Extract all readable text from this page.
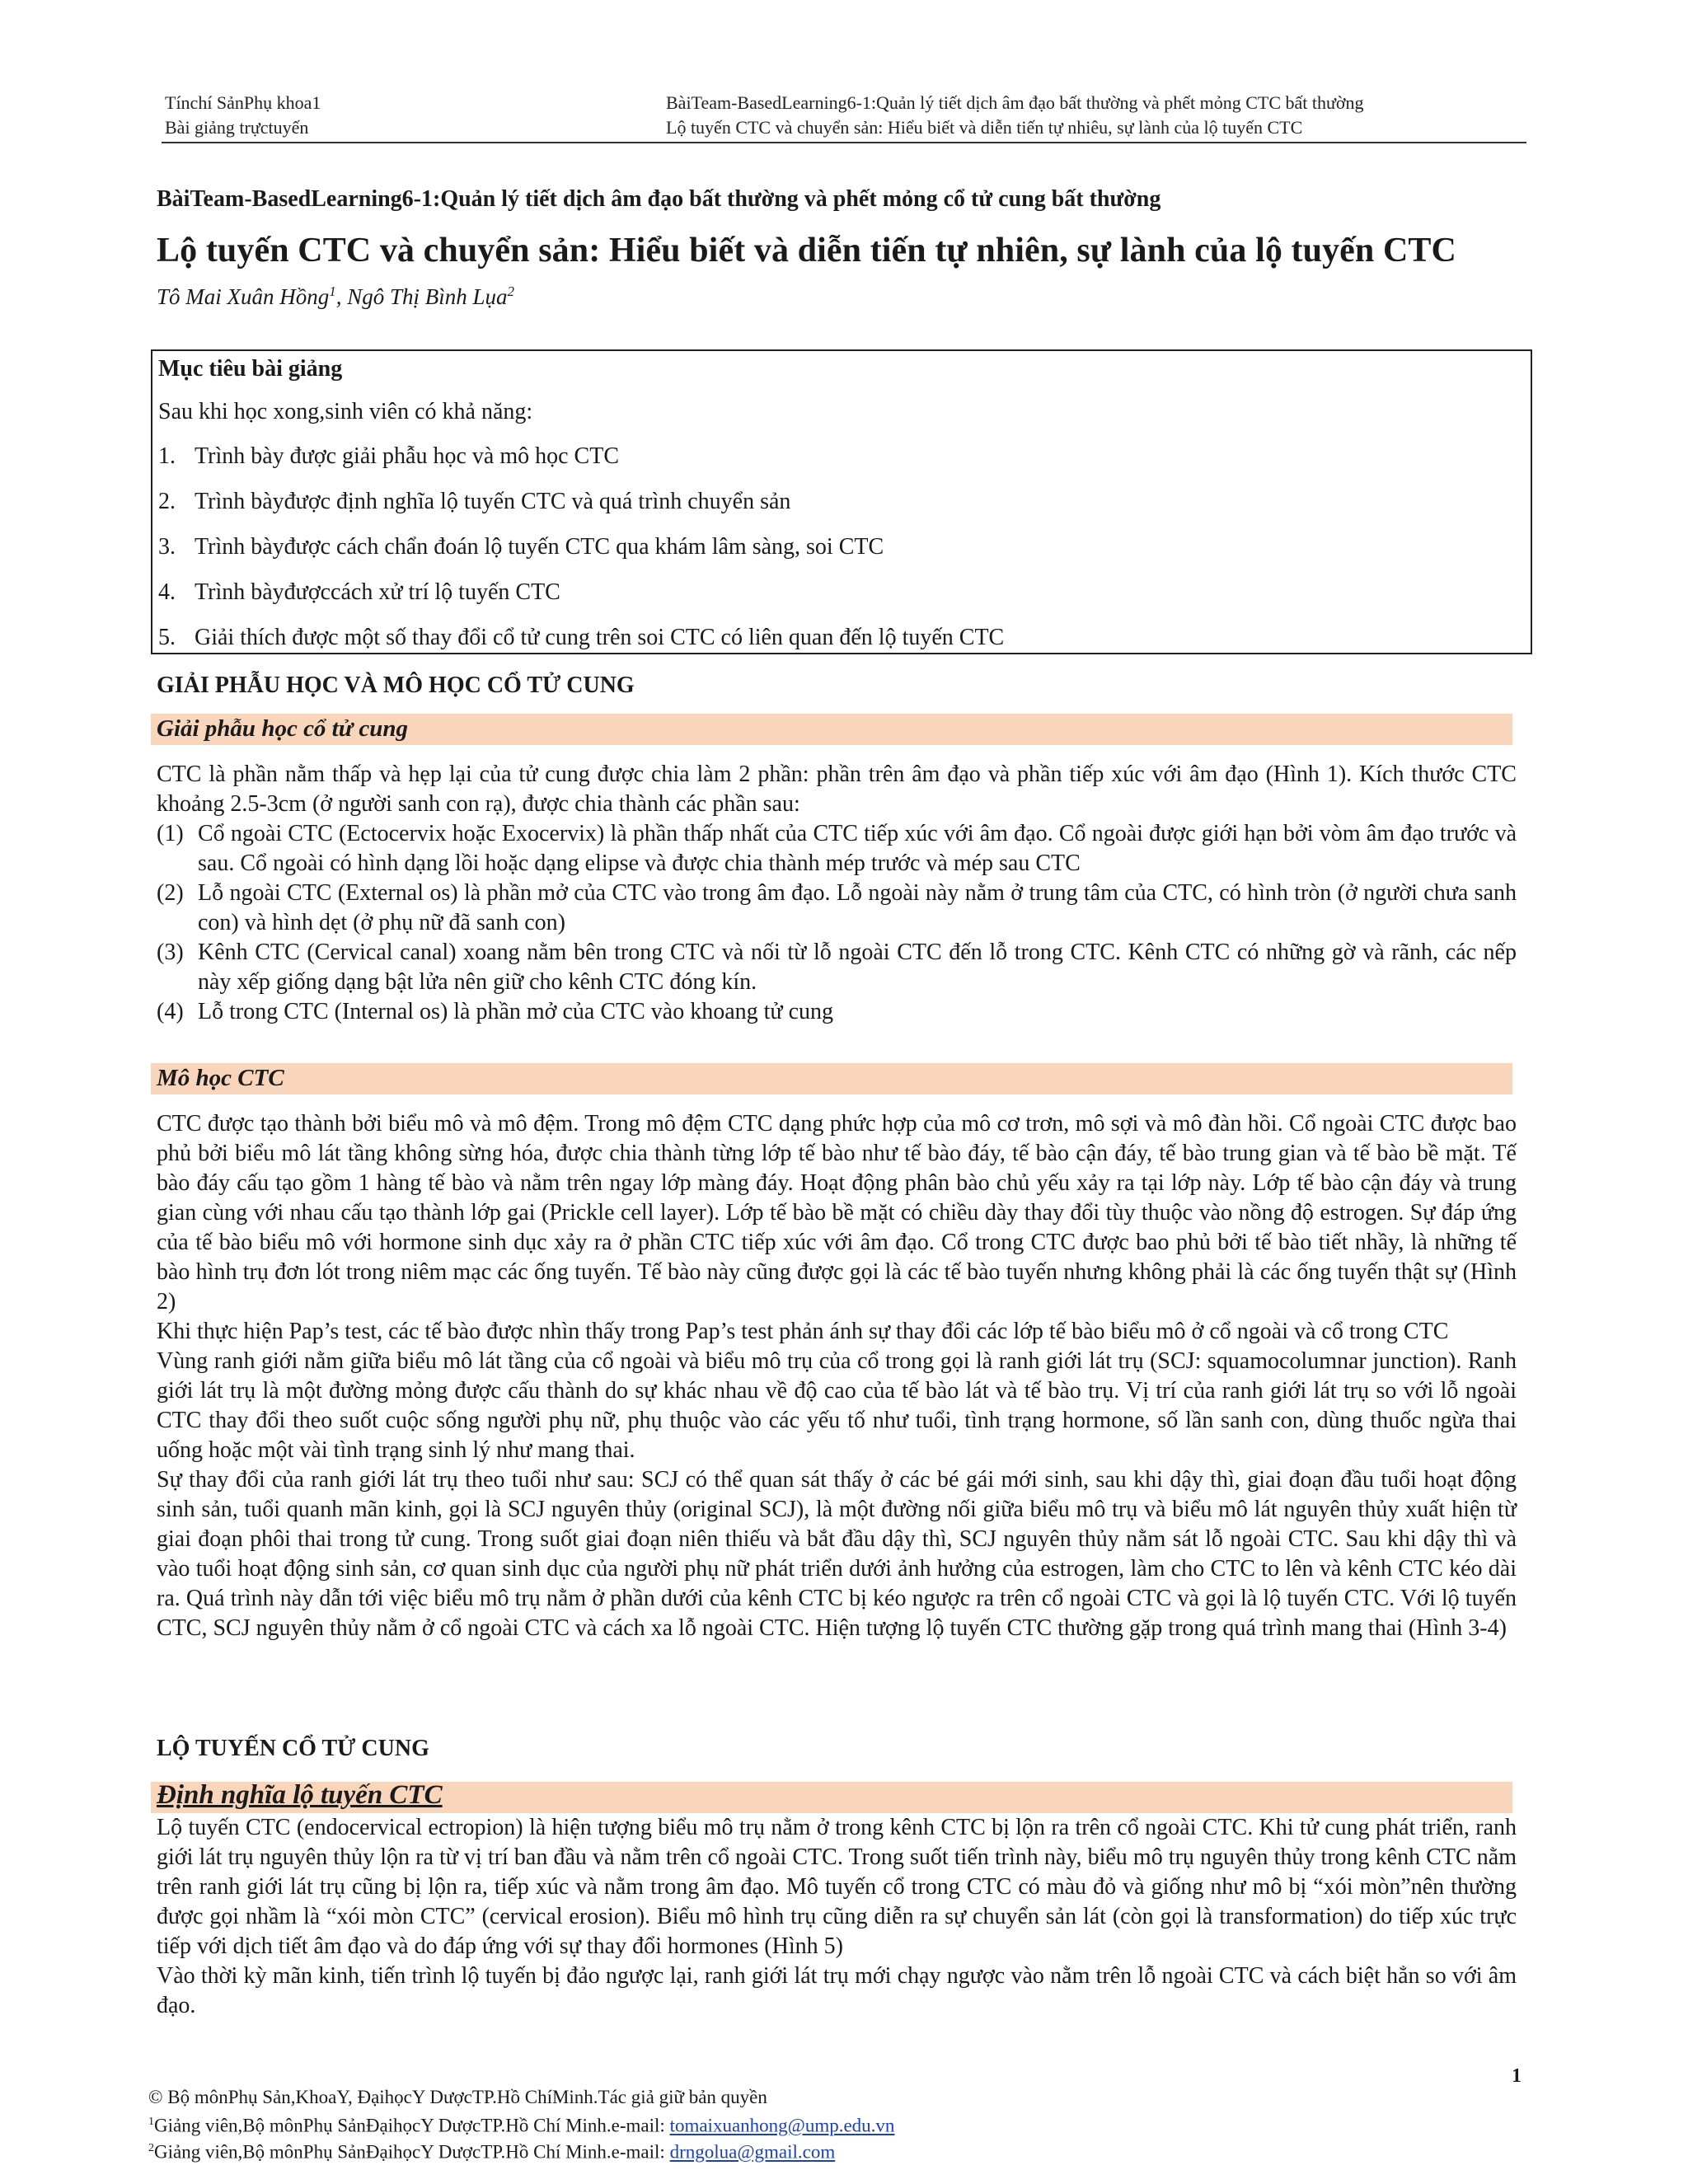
Tínchí SảnPhụ khoa1
Bài giảng trựctuyến
BàiTeam-BasedLearning6-1:Quản lý tiết dịch âm đạo bất thường và phết mỏng CTC bất thường
Lộ tuyến CTC và chuyển sản: Hiểu biết và diễn tiến tự nhiêu, sự lành của lộ tuyến CTC
BàiTeam-BasedLearning6-1:Quản lý tiết dịch âm đạo bất thường và phết mỏng cổ tử cung bất thường
Lộ tuyến CTC và chuyển sản: Hiểu biết và diễn tiến tự nhiên, sự lành của lộ tuyến CTC
Tô Mai Xuân Hồng$^1$, Ngô Thị Bình Lụa$^2$
Mục tiêu bài giảng
Sau khi học xong,sinh viên có khả năng:
1. Trình bày được giải phẫu học và mô học CTC
2. Trình bàyđược định nghĩa lộ tuyến CTC và quá trình chuyển sản
3. Trình bàyđược cách chẩn đoán lộ tuyến CTC qua khám lâm sàng, soi CTC
4. Trình bàyđượccách xử trí lộ tuyến CTC
5. Giải thích được một số thay đổi cổ tử cung trên soi CTC có liên quan đến lộ tuyến CTC
GIẢI PHẪU HỌC VÀ MÔ HỌC CỔ TỬ CUNG
Giải phẫu học cổ tử cung

CTC là phần nằm thấp và hẹp lại của tử cung được chia làm 2 phần: phần trên âm đạo và phần tiếp xúc với âm đạo (Hình 1). Kích thước CTC khoảng 2.5-3cm (ở người sanh con rạ), được chia thành các phần sau:

(1) Cổ ngoài CTC (Ectocervix hoặc Exocervix) là phần thấp nhất của CTC tiếp xúc với âm đạo. Cổ ngoài được giới hạn bởi vòm âm đạo trước và sau. Cổ ngoài có hình dạng lồi hoặc dạng elipse và được chia thành mép trước và mép sau CTC
(2) Lỗ ngoài CTC (External os) là phần mở của CTC vào trong âm đạo. Lỗ ngoài này nằm ở trung tâm của CTC, có hình tròn (ở người chưa sanh con) và hình dẹt (ở phụ nữ đã sanh con)
(3) Kênh CTC (Cervical canal) xoang nằm bên trong CTC và nối từ lỗ ngoài CTC đến lỗ trong CTC. Kênh CTC có những gờ và rãnh, các nếp này xếp giống dạng bật lửa nên giữ cho kênh CTC đóng kín.
(4) Lỗ trong CTC (Internal os) là phần mở của CTC vào khoang tử cung
Mô học CTC

CTC được tạo thành bởi biểu mô và mô đệm. Trong mô đệm CTC dạng phức hợp của mô cơ trơn, mô sợi và mô đàn hồi. Cổ ngoài CTC được bao phủ bởi biểu mô lát tầng không sừng hóa, được chia thành từng lớp tế bào như tế bào đáy, tế bào cận đáy, tế bào trung gian và tế bào bề mặt. Tế bào đáy cấu tạo gồm 1 hàng tế bào và nằm trên ngay lớp màng đáy. Hoạt động phân bào chủ yếu xảy ra tại lớp này. Lớp tế bào cận đáy và trung gian cùng với nhau cấu tạo thành lớp gai (Prickle cell layer). Lớp tế bào bề mặt có chiều dày thay đổi tùy thuộc vào nồng độ estrogen. Sự đáp ứng của tế bào biểu mô với hormone sinh dục xảy ra ở phần CTC tiếp xúc với âm đạo. Cổ trong CTC được bao phủ bởi tế bào tiết nhầy, là những tế bào hình trụ đơn lót trong niêm mạc các ống tuyến. Tế bào này cũng được gọi là các tế bào tuyến nhưng không phải là các ống tuyến thật sự (Hình 2)

Khi thực hiện Pap’s test, các tế bào được nhìn thấy trong Pap’s test phản ánh sự thay đổi các lớp tế bào biểu mô ở cổ ngoài và cổ trong CTC

Vùng ranh giới nằm giữa biểu mô lát tầng của cổ ngoài và biểu mô trụ của cổ trong gọi là ranh giới lát trụ (SCJ: squamocolumnar junction). Ranh giới lát trụ là một đường mỏng được cấu thành do sự khác nhau về độ cao của tế bào lát và tế bào trụ. Vị trí của ranh giới lát trụ so với lỗ ngoài CTC thay đổi theo suốt cuộc sống người phụ nữ, phụ thuộc vào các yếu tố như tuổi, tình trạng hormone, số lần sanh con, dùng thuốc ngừa thai uống hoặc một vài tình trạng sinh lý như mang thai.

Sự thay đổi của ranh giới lát trụ theo tuổi như sau: SCJ có thể quan sát thấy ở các bé gái mới sinh, sau khi dậy thì, giai đoạn đầu tuổi hoạt động sinh sản, tuổi quanh mãn kinh, gọi là SCJ nguyên thủy (original SCJ), là một đường nối giữa biểu mô trụ và biểu mô lát nguyên thủy xuất hiện từ giai đoạn phôi thai trong tử cung. Trong suốt giai đoạn niên thiếu và bắt đầu dậy thì, SCJ nguyên thủy nằm sát lỗ ngoài CTC. Sau khi dậy thì và vào tuổi hoạt động sinh sản, cơ quan sinh dục của người phụ nữ phát triển dưới ảnh hưởng của estrogen, làm cho CTC to lên và kênh CTC kéo dài ra. Quá trình này dẫn tới việc biểu mô trụ nằm ở phần dưới của kênh CTC bị kéo ngược ra trên cổ ngoài CTC và gọi là lộ tuyến CTC. Với lộ tuyến CTC, SCJ nguyên thủy nằm ở cổ ngoài CTC và cách xa lỗ ngoài CTC. Hiện tượng lộ tuyến CTC thường gặp trong quá trình mang thai (Hình 3-4)

LỘ TUYẾN CỔ TỬ CUNG
Định nghĩa lộ tuyến CTC

Lộ tuyến CTC (endocervical ectropion) là hiện tượng biểu mô trụ nằm ở trong kênh CTC bị lộn ra trên cổ ngoài CTC. Khi tử cung phát triển, ranh giới lát trụ nguyên thủy lộn ra từ vị trí ban đầu và nằm trên cổ ngoài CTC. Trong suốt tiến trình này, biểu mô trụ nguyên thủy trong kênh CTC nằm trên ranh giới lát trụ cũng bị lộn ra, tiếp xúc và nằm trong âm đạo. Mô tuyến cổ trong CTC có màu đỏ và giống như mô bị “xói mòn”nên thường được gọi nhầm là “xói mòn CTC” (cervical erosion). Biểu mô hình trụ cũng diễn ra sự chuyển sản lát (còn gọi là transformation) do tiếp xúc trực tiếp với dịch tiết âm đạo và do đáp ứng với sự thay đổi hormones (Hình 5)

Vào thời kỳ mãn kinh, tiến trình lộ tuyến bị đảo ngược lại, ranh giới lát trụ mới chạy ngược vào nằm trên lỗ ngoài CTC và cách biệt hẳn so với âm đạo.

1
© Bộ mônPhụ Sản,KhoaY, ĐạihọcY DượcTP.Hồ ChíMinh.Tác giả giữ bản quyền
$^1$Giảng viên,Bộ mônPhụ SảnĐạihọcY DượcTP.Hồ Chí Minh.e-mail: tomaixuanhong@ump.edu.vn
$^2$Giảng viên,Bộ mônPhụ SảnĐạihọcY DượcTP.Hồ Chí Minh.e-mail: drngolua@gmail.com
